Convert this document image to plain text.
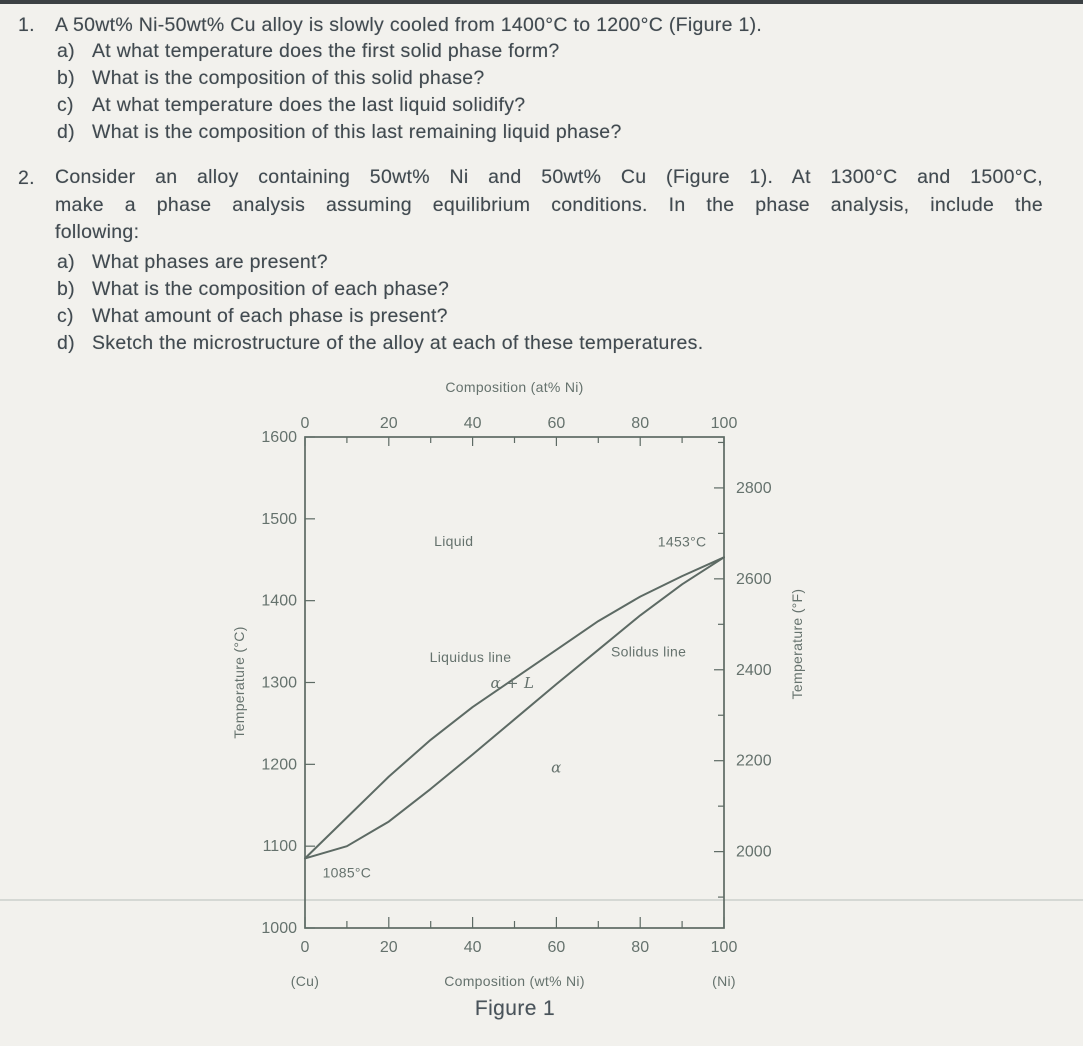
1. A 50wt% Ni-50wt% Cu alloy is slowly cooled from 1400°C to 1200°C (Figure 1).
a) At what temperature does the first solid phase form?
b) What is the composition of this solid phase?
c) At what temperature does the last liquid solidify?
d) What is the composition of this last remaining liquid phase?
2. Consider an alloy containing 50wt% Ni and 50wt% Cu (Figure 1). At 1300°C and 1500°C,
make a phase analysis assuming equilibrium conditions. In the phase analysis, include the
following:
a) What phases are present?
b) What is the composition of each phase?
c) What amount of each phase is present?
d) Sketch the microstructure of the alloy at each of these temperatures.
0	20	40	60	80	100
Composition (at% Ni)
0	20	40	60	80	100
(Cu)	Composition (wt% Ni)	(Ni)
1000
1100
1200
1300
1400
1500
1600
Temperature (°C)
2000
2200
2400
2600
2800
Temperature (°F)
Liquid	1453°C
Liquidus line	Solidus line
α + L
α
1085°C
Figure 1
